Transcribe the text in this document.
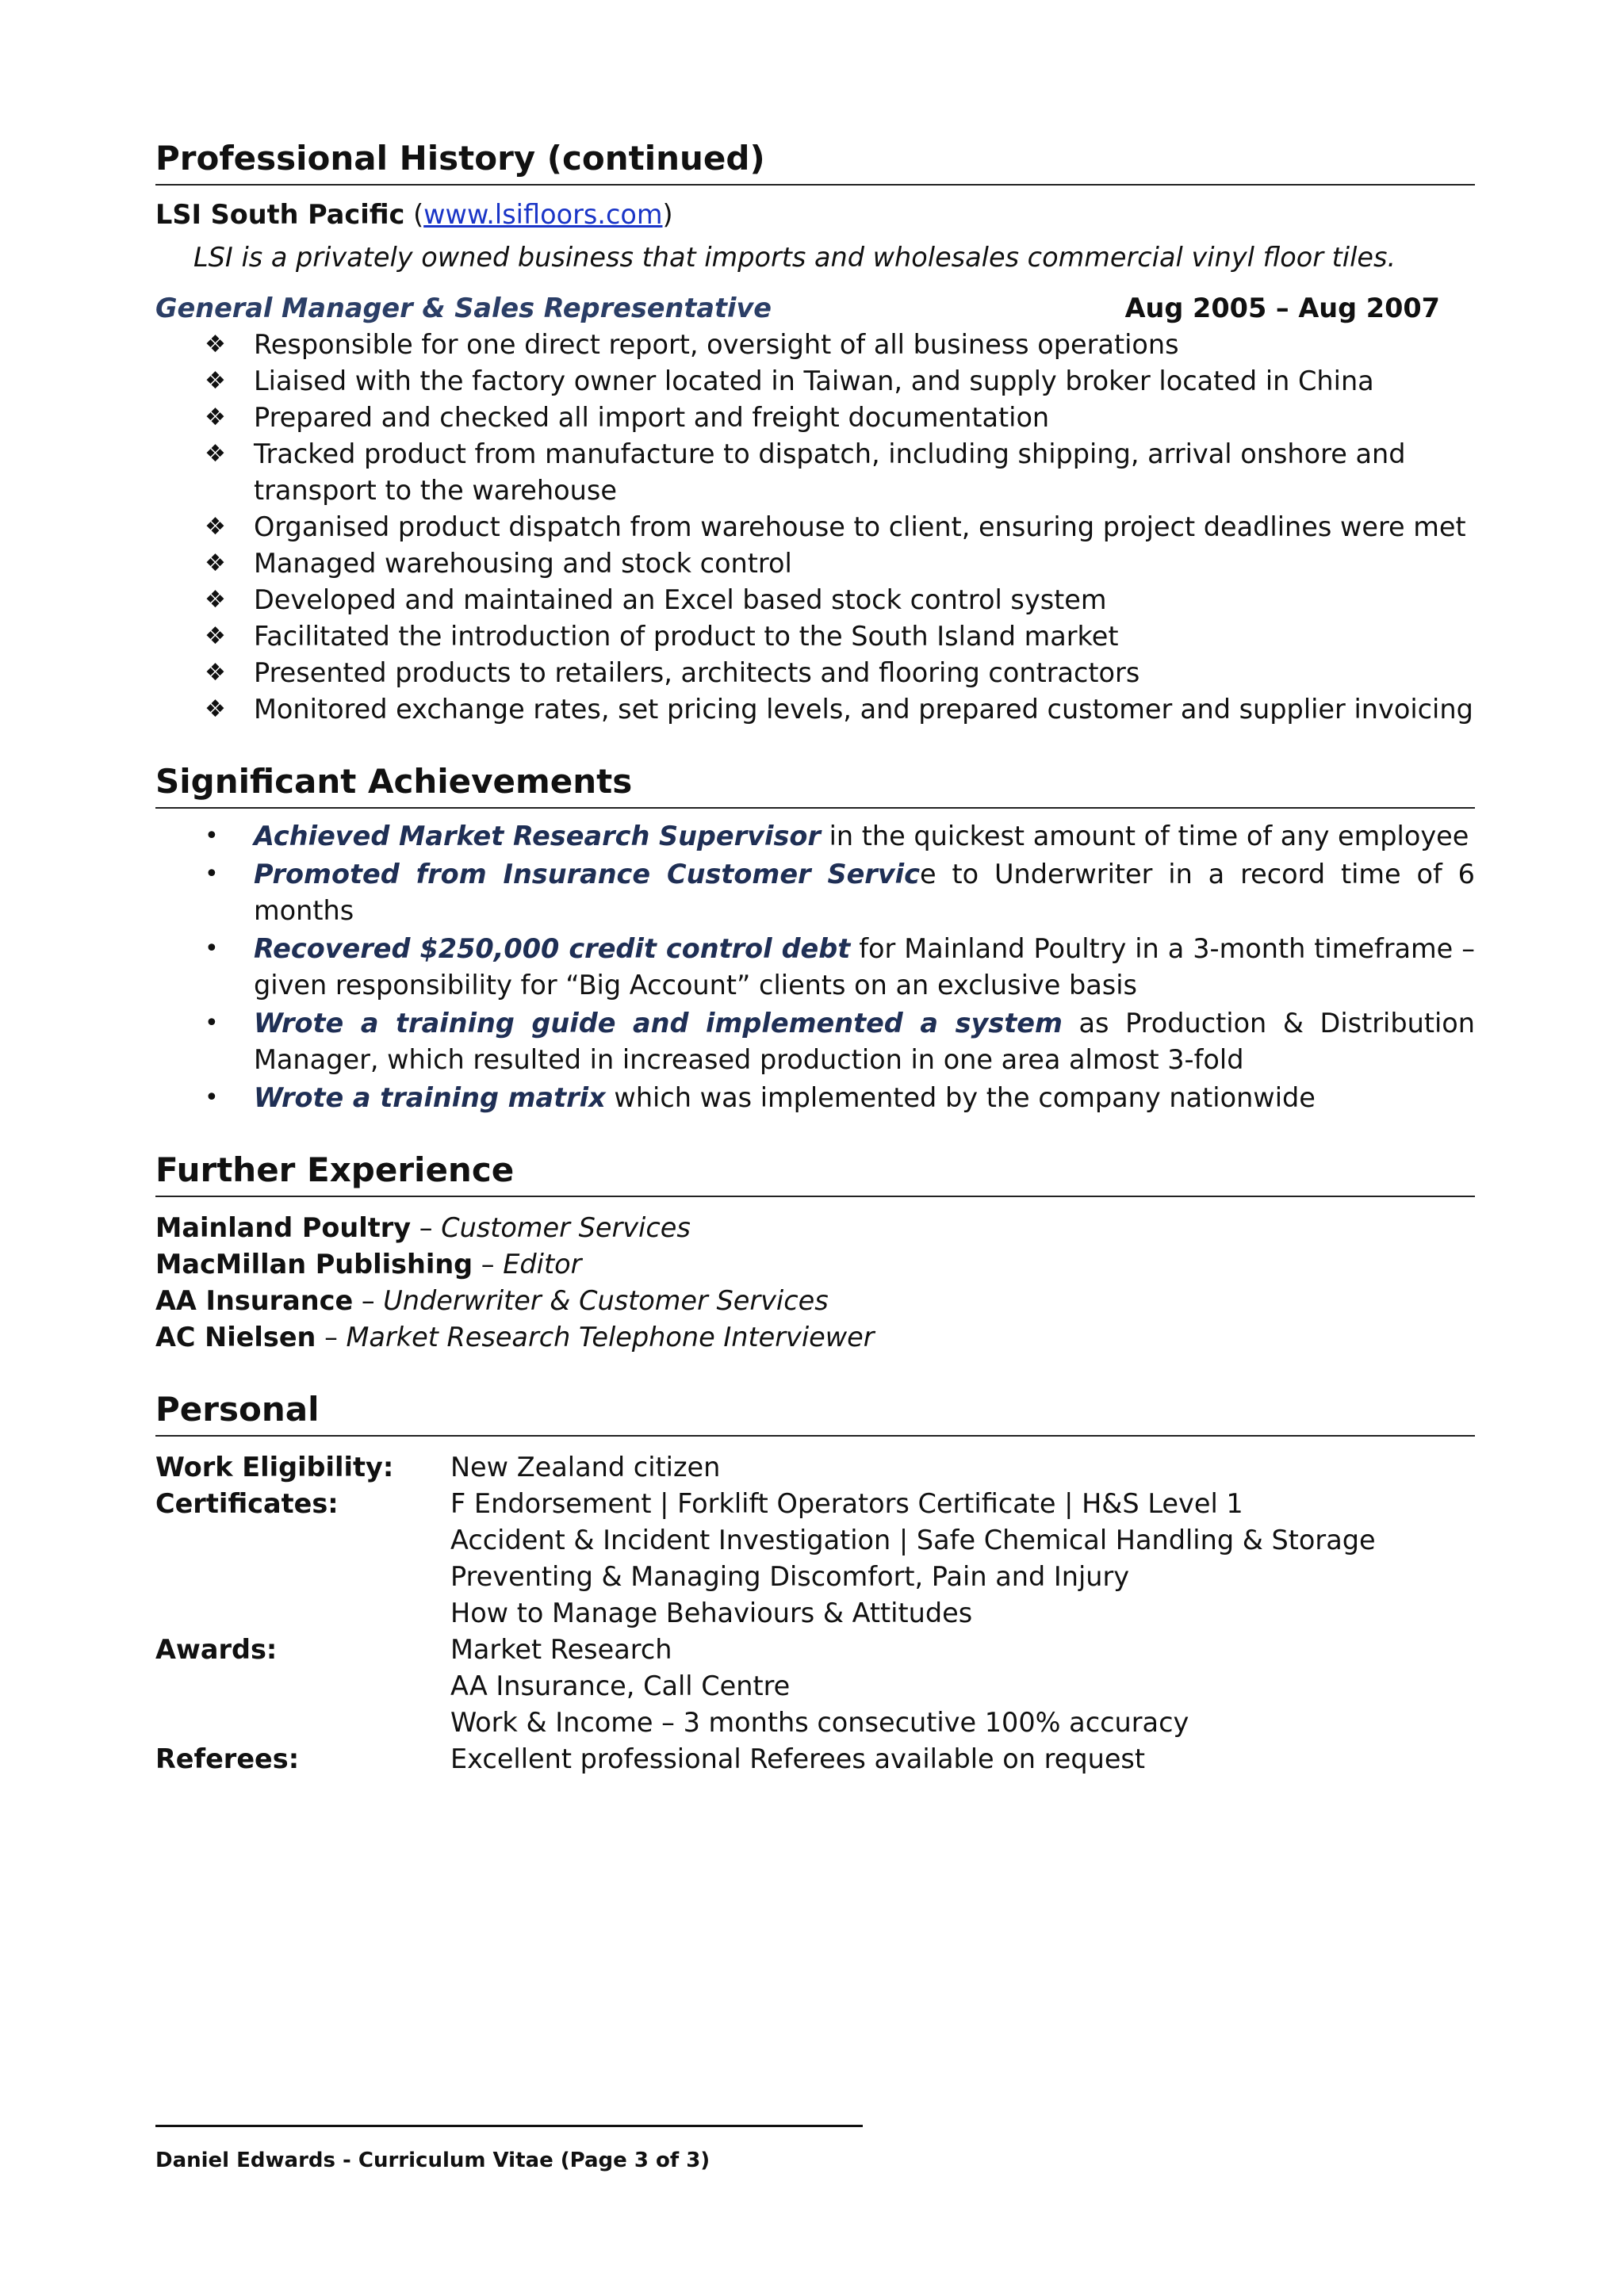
Professional History (continued)
LSI South Pacific (www.lsifloors.com)
LSI is a privately owned business that imports and wholesales commercial vinyl floor tiles.
General Manager & Sales Representative	Aug 2005 – Aug 2007
❖ Responsible for one direct report, oversight of all business operations
❖ Liaised with the factory owner located in Taiwan, and supply broker located in China
❖ Prepared and checked all import and freight documentation
❖ Tracked product from manufacture to dispatch, including shipping, arrival onshore and transport to the warehouse
❖ Organised product dispatch from warehouse to client, ensuring project deadlines were met
❖ Managed warehousing and stock control
❖ Developed and maintained an Excel based stock control system
❖ Facilitated the introduction of product to the South Island market
❖ Presented products to retailers, architects and flooring contractors
❖ Monitored exchange rates, set pricing levels, and prepared customer and supplier invoicing
Significant Achievements
• Achieved Market Research Supervisor in the quickest amount of time of any employee
• Promoted from Insurance Customer Service to Underwriter in a record time of 6 months
• Recovered $250,000 credit control debt for Mainland Poultry in a 3-month timeframe – given responsibility for “Big Account” clients on an exclusive basis
• Wrote a training guide and implemented a system as Production & Distribution Manager, which resulted in increased production in one area almost 3-fold
• Wrote a training matrix which was implemented by the company nationwide
Further Experience
Mainland Poultry – Customer Services
MacMillan Publishing – Editor
AA Insurance – Underwriter & Customer Services
AC Nielsen – Market Research Telephone Interviewer
Personal
Work Eligibility:	New Zealand citizen
Certificates:	F Endorsement | Forklift Operators Certificate | H&S Level 1
	Accident & Incident Investigation | Safe Chemical Handling & Storage
	Preventing & Managing Discomfort, Pain and Injury
	How to Manage Behaviours & Attitudes
Awards:	Market Research
	AA Insurance, Call Centre
	Work & Income – 3 months consecutive 100% accuracy
Referees:	Excellent professional Referees available on request
Daniel Edwards - Curriculum Vitae (Page 3 of 3)
